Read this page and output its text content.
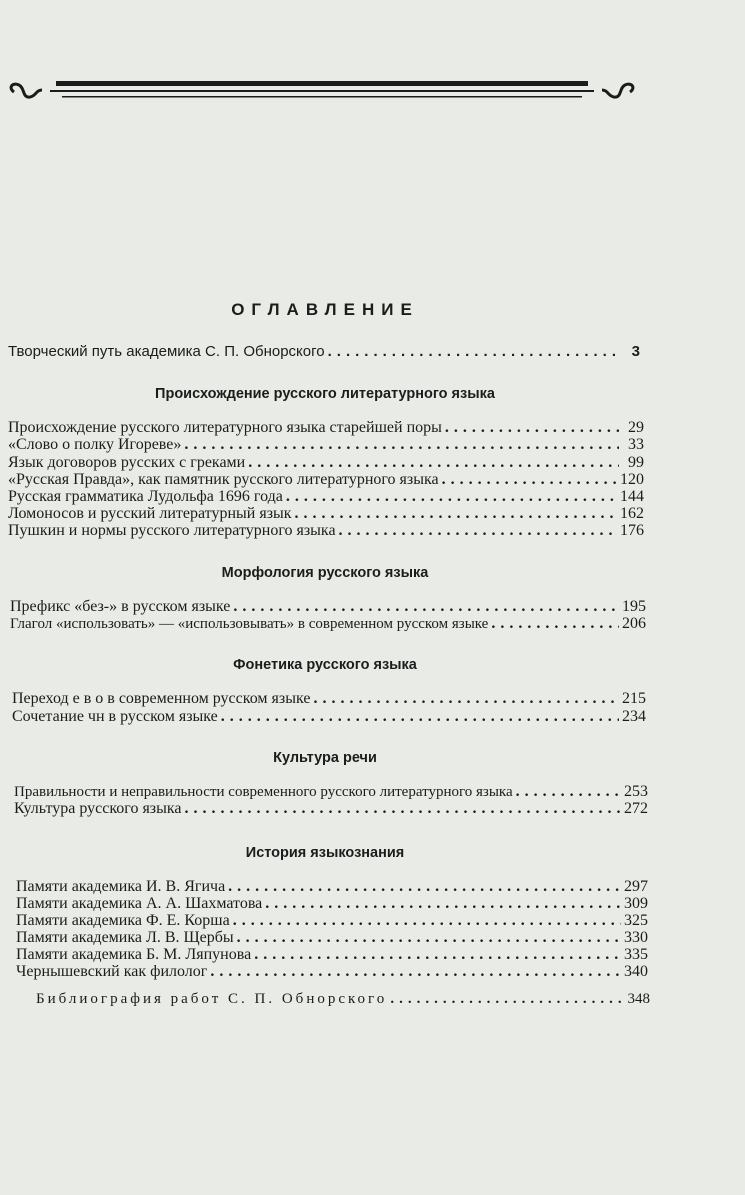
ОГЛАВЛЕНИЕ
Творческий путь академика С. П. Обнорского .....	3
Происхождение русского литературного языка
Происхождение русского литературного языка старейшей поры .....	29
«Слово о полку Игореве» .....	33
Язык договоров русских с греками .....	99
«Русская Правда», как памятник русского литературного языка .....	120
Русская грамматика Лудольфа 1696 года .....	144
Ломоносов и русский литературный язык .....	162
Пушкин и нормы русского литературного языка .....	176
Морфология русского языка
Префикс «без-» в русском языке .....	195
Глагол «использовать» — «использовывать» в современном русском языке .....	206
Фонетика русского языка
Переход е в о в современном русском языке .....	215
Сочетание чн в русском языке .....	234
Культура речи
Правильности и неправильности современного русского литературного языка .....	253
Культура русского языка .....	272
История языкознания
Памяти академика И. В. Ягича .....	297
Памяти академика А. А. Шахматова .....	309
Памяти академика Ф. Е. Корша .....	325
Памяти академика Л. В. Щербы .....	330
Памяти академика Б. М. Ляпунова .....	335
Чернышевский как филолог .....	340
Библиография работ С. П. Обнорского .....	348
